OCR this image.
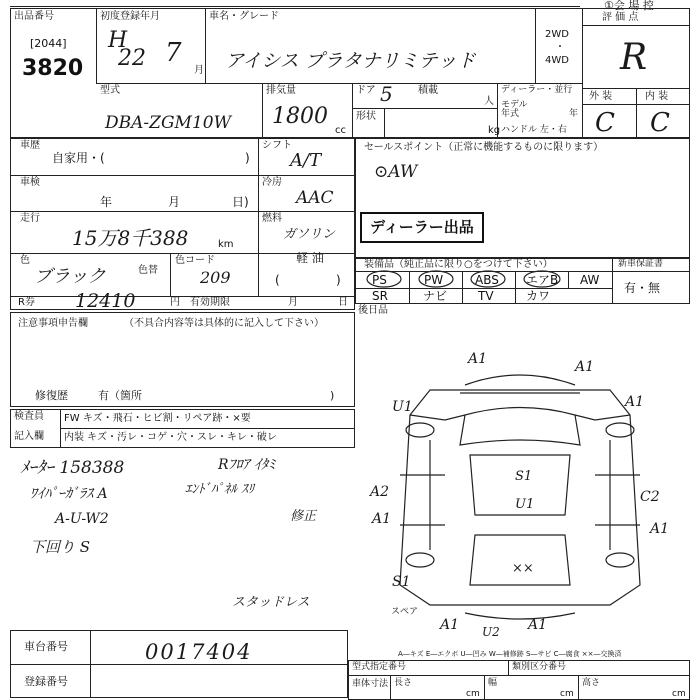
①会 場 控
出品番号
[2044]
3820
初度登録年月
H
22 7
月
車名・グレード
アイシス プラタナリミテッド
2WD
・
4WD
評 価 点
R
外 装	内 装
C C
型式
DBA-ZGM10W
排気量
1800
cc
ドア 5
形状
積載
人
kg
ディーラー・並行
モデル年式	年
ハンドル 左・右
車歴
自家用・(	)
シフト
A/T
車検
年	月	日)
冷房
AAC
走行
15万8千388	km
燃料
ガソリン
軽 油
(	)
色
ブラック	色替
色コード
209
R券 12410	円 有効期限	月	日
セールスポイント（正常に機能するものに限ります）
⊙AW
ディーラー出品
装備品（純正品に限り○をつけて下さい）	新車保証書
有・無
PS	PW	ABS エアB AW
SR	ナビ	TV	カワ
後日品
注意事項申告欄	（不具合内容等は具体的に記入して下さい）
修復歴	有（箇所	)
検査員
記入欄
FW キズ・飛石・ヒビ割・リペア跡・×要
内装 キズ・汚レ・コゲ・穴・スレ・キレ・破レ
ﾒｰﾀｰ 158388
ﾜｲﾊﾟｰｶﾞﾗｽ A
A-U-W2
下回り S
Rﾌﾛｱ ｲﾀﾐ
ｴﾝﾄﾞﾊﾟﾈﾙ ｽﾘ
修正
スタッドレス
A1	A1
U1	A1
A2
A1
C2
A1
S1
U1
××
S1
スペア
A1 U2 A1
A―キズ E―エクボ U―凹み W―補修跡 S―サビ C―腐食 ××―交換済
車台番号	0017404
登録番号
型式指定番号	類別区分番号
車体寸法 長さ
cm
幅
cm
高さ
cm
